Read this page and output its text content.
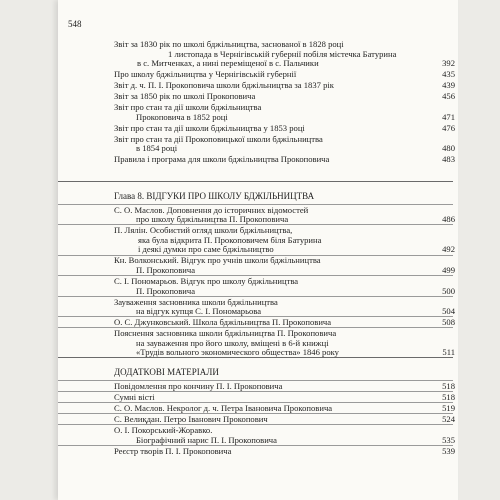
548
Звіт за 1830 рік по школі бджільництва, заснованої в 1828 році
1 листопада в Чернігівській губернії побіля містечка Батурина
в с. Митченках, а нині переміщеної в с. Пальчики	392
Про школу бджільництва у Чернігівській губернії	435
Звіт д. ч. П. І. Прокоповича школи бджільництва за 1837 рік	439
Звіт за 1850 рік по школі Прокоповича	456
Звіт про стан та дії школи бджільництва
Прокоповича в 1852 році	471
Звіт про стан та дії школи бджільництва у 1853 році	476
Звіт про стан та дії Прокоповицької школи бджільництва
в 1854 році	480
Правила і програма для школи бджільництва Прокоповича	483
Глава 8. ВІДГУКИ ПРО ШКОЛУ БДЖІЛЬНИЦТВА
С. О. Маслов. Доповнення до історичних відомостей
про школу бджільництва П. Прокоповича	486
П. Лялін. Особистий огляд школи бджільництва,
яка була відкрита П. Прокоповичем біля Батурина
і деякі думки про саме бджільництво	492
Кн. Волконський. Відгук про учнів школи бджільництва
П. Прокоповича	499
С. І. Пономарьов. Відгук про школу бджільництва
П. Прокоповича	500
Зауваження засновника школи бджільництва
на відгук купця С. І. Пономарьова	504
О. С. Джунковський. Школа бджільництва П. Прокоповича	508
Пояснення засновника школи бджільництва П. Прокоповича
на зауваження про його школу, вміщені в 6-й книжці
«Трудів вольного экономического общества» 1846 року	511
ДОДАТКОВІ МАТЕРІАЛИ
Повідомлення про кончину П. І. Прокоповича	518
Сумні вісті	518
С. О. Маслов. Некролог д. ч. Петра Івановича Прокоповича	519
С. Велиқдан. Петро Іванович Прокопович	524
О. І. Покорський-Жоравко.
Біографічний нарис П. І. Прокоповича	535
Реєстр творів П. І. Прокоповича	539
